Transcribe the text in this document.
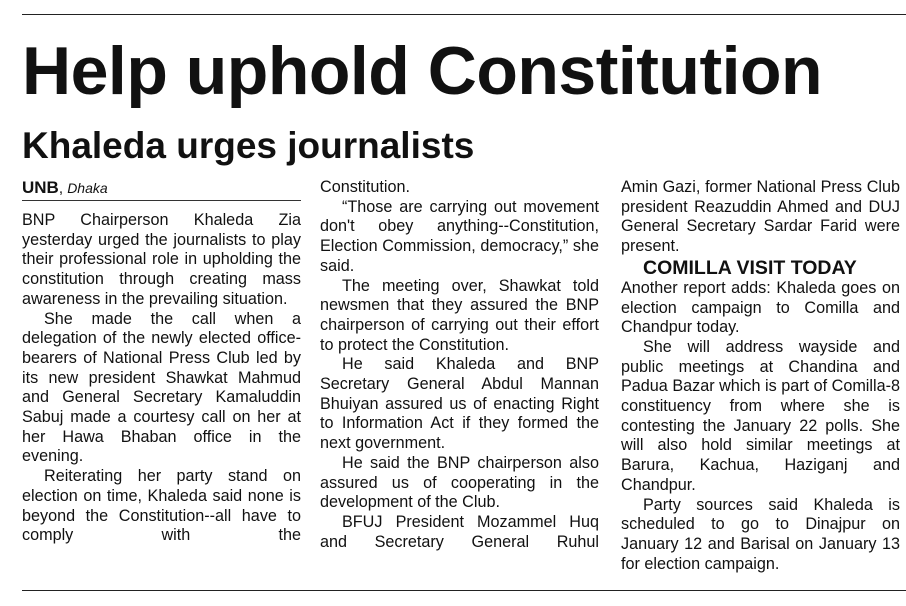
Help uphold Constitution
Khaleda urges journalists
UNB, Dhaka

BNP Chairperson Khaleda Zia yesterday urged the journalists to play their professional role in upholding the constitution through creating mass awareness in the prevailing situation.

She made the call when a delegation of the newly elected office-bearers of National Press Club led by its new president Shawkat Mahmud and General Secretary Kamaluddin Sabuj made a courtesy call on her at her Hawa Bhaban office in the evening.

Reiterating her party stand on election on time, Khaleda said none is beyond the Constitution--all have to comply with the

Constitution.

“Those are carrying out movement don't obey anything--Constitution, Election Commission, democracy,” she said.

The meeting over, Shawkat told newsmen that they assured the BNP chairperson of carrying out their effort to protect the Constitution.

He said Khaleda and BNP Secretary General Abdul Mannan Bhuiyan assured us of enacting Right to Information Act if they formed the next government.

He said the BNP chairperson also assured us of cooperating in the development of the Club.

BFUJ President Mozammel Huq and Secretary General Ruhul

Amin Gazi, former National Press Club president Reazuddin Ahmed and DUJ General Secretary Sardar Farid were present.

COMILLA VISIT TODAY

Another report adds: Khaleda goes on election campaign to Comilla and Chandpur today.

She will address wayside and public meetings at Chandina and Padua Bazar which is part of Comilla-8 constituency from where she is contesting the January 22 polls. She will also hold similar meetings at Barura, Kachua, Haziganj and Chandpur.

Party sources said Khaleda is scheduled to go to Dinajpur on January 12 and Barisal on January 13 for election campaign.
